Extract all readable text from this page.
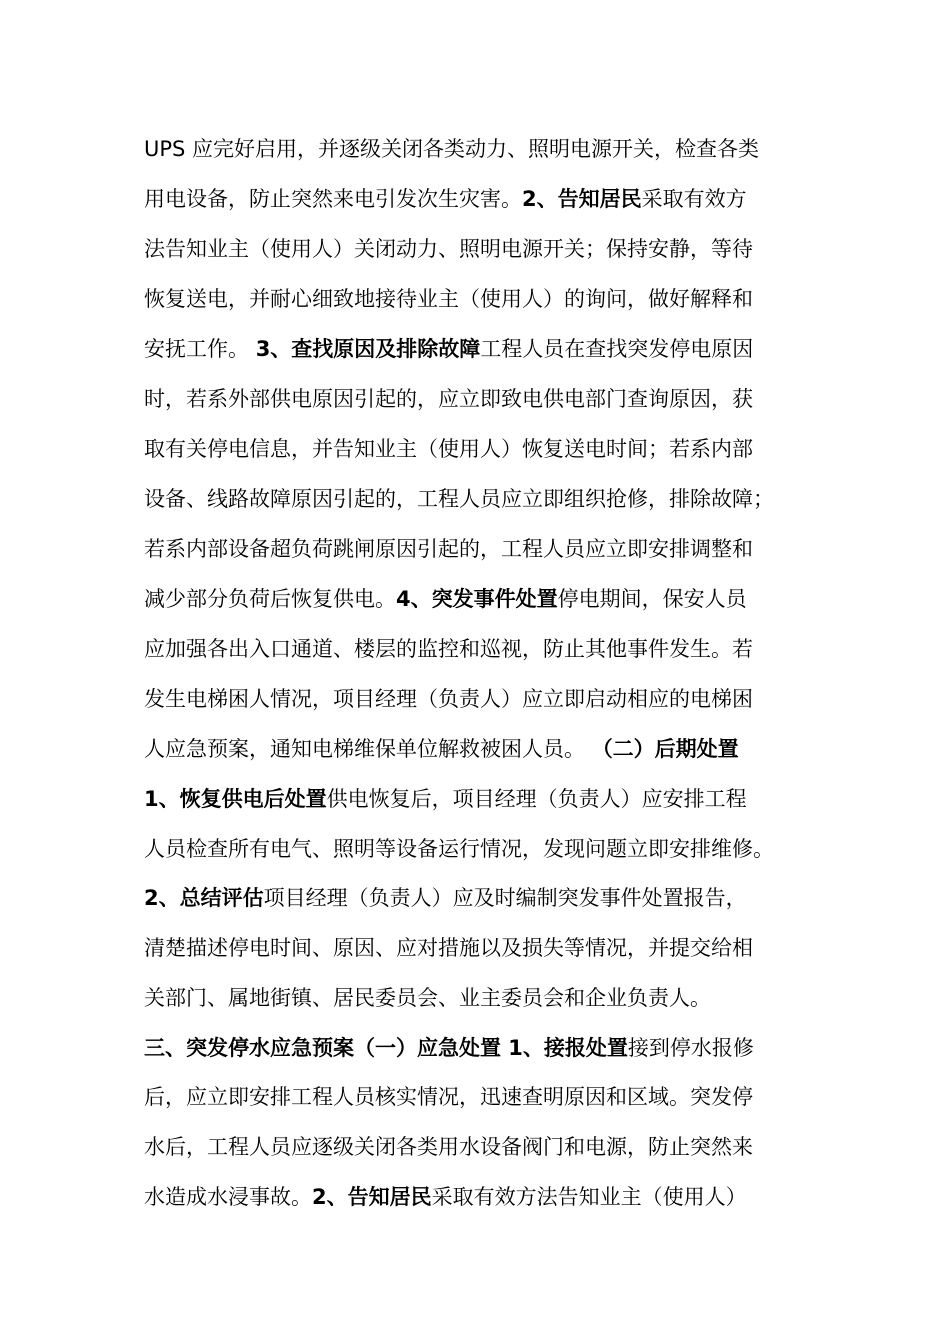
UPS 应完好启用，并逐级关闭各类动力、照明电源开关，检查各类
用电设备，防止突然来电引发次生灾害。2、告知居民采取有效方
法告知业主（使用人）关闭动力、照明电源开关；保持安静，等待
恢复送电，并耐心细致地接待业主（使用人）的询问，做好解释和
安抚工作。 3、查找原因及排除故障工程人员在查找突发停电原因
时，若系外部供电原因引起的，应立即致电供电部门查询原因，获
取有关停电信息，并告知业主（使用人）恢复送电时间；若系内部
设备、线路故障原因引起的，工程人员应立即组织抢修，排除故障；
若系内部设备超负荷跳闸原因引起的，工程人员应立即安排调整和
减少部分负荷后恢复供电。4、突发事件处置停电期间，保安人员
应加强各出入口通道、楼层的监控和巡视，防止其他事件发生。若
发生电梯困人情况，项目经理（负责人）应立即启动相应的电梯困
人应急预案，通知电梯维保单位解救被困人员。 （二）后期处置
1、恢复供电后处置供电恢复后，项目经理（负责人）应安排工程
人员检查所有电气、照明等设备运行情况，发现问题立即安排维修。
2、总结评估项目经理（负责人）应及时编制突发事件处置报告，
清楚描述停电时间、原因、应对措施以及损失等情况，并提交给相
关部门、属地街镇、居民委员会、业主委员会和企业负责人。
三、突发停水应急预案（一）应急处置 1、接报处置接到停水报修
后，应立即安排工程人员核实情况，迅速查明原因和区域。突发停
水后，工程人员应逐级关闭各类用水设备阀门和电源，防止突然来
水造成水浸事故。2、告知居民采取有效方法告知业主（使用人）
